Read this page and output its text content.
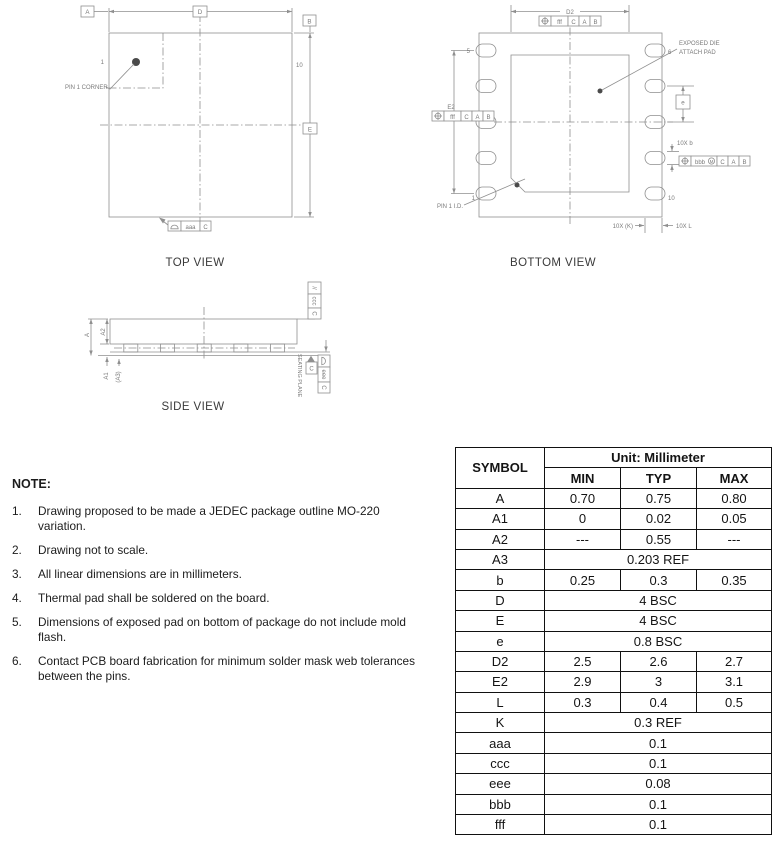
D
A
E
B
1	10
PIN 1 CORNER
aaa C
TOP VIEW
D2
fff C A B
E2
fff C A B
e
10X b
bbb M C A B
10X (K)	10X L
EXPOSED DIE
ATTACH PAD
PIN 1 I.D.
5	6
1	10
BOTTOM VIEW
A A2
A1 (A3)
//
ccc
C
C eee
C
SEATING PLANE
SIDE VIEW
NOTE:
1.	Drawing proposed to be made a JEDEC package outline MO-220 variation.
2.	Drawing not to scale.
3.	All linear dimensions are in millimeters.
4.	Thermal pad shall be soldered on the board.
5.	Dimensions of exposed pad on bottom of package do not include mold flash.
6.	Contact PCB board fabrication for minimum solder mask web tolerances between the pins.
SYMBOL	Unit: Millimeter		
	MIN	TYP	MAX
A	0.70	0.75	0.80
A1	0	0.02	0.05
A2	---	0.55	---
A3	0.203 REF		
b	0.25	0.3	0.35
D	4 BSC		
E	4 BSC		
e	0.8 BSC		
D2	2.5	2.6	2.7
E2	2.9	3	3.1
L	0.3	0.4	0.5
K	0.3 REF		
aaa	0.1		
ccc	0.1		
eee	0.08		
bbb	0.1		
fff	0.1		
